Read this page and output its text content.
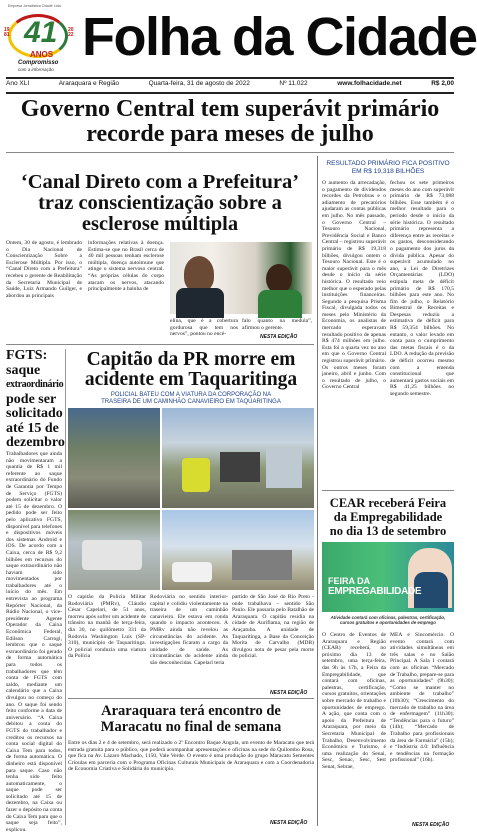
Empresa Jornalística Cidade Ltda.
1981
2022
41
ANOS
Compromisso
com a informação
Folha da Cidade
Ano XLI	Araraquara e Região	Quarta-feira, 31 de agosto de 2022	Nº 11.022	www.folhacidade.net	R$ 2,00
Governo Central tem superávit primário
recorde para meses de julho
‘Canal Direto com a Prefeitura’
traz conscientização sobre a
esclerose múltipla
Ontem, 30 de agosto, é lembrado o Dia Nacional de Conscientização Sobre a Esclerose Múltipla. Por isso, o “Canal Direto com a Prefeitura” recebeu o gerente de Reabilitação da Secretaria Municipal de Saúde, Luiz Armando Guilger, e abordou as principais
informações relativas à doença. Estima-se que no Brasil cerca de 40 mil pessoas tenham esclerose múltipla, doença autoimune que atinge o sistema nervoso central. “As próprias células do corpo atacam os nervos, atacando principalmente a bainha de
elina, que é a cobertura gordurosa que tem nos nervos”, pontou no encé-
falo quanto na medula”, afirmou o gerente.
NESTA EDIÇÃO
FGTS:
saque
extraordinário
pode ser
solicitado
até 15 de
dezembro
Trabalhadores que ainda não movimentaram a quantia de R$ 1 mil referente ao saque extraordinário do Fundo de Garantia por Tempo de Serviço (FGTS) podem solicitar o valor até 15 de dezembro. O pedido pode ser feito pelo aplicativo FGTS, disponível para telefones e dispositivos móveis dos sistemas Android e iOS. De acordo com a Caixa, cerca de R$ 9,2 bilhões em recursos do saque extraordinário não haviam sido movimentados por trabalhadores até o início do mês. Em entrevista ao programa Repórter Nacional, da Rádio Nacional, o vice-presidente Agente Operador da Caixa Econômica Federal, Edilson Carrogi, lembrou que o saque extraordinário foi gerado de forma automática para todos os trabalhadores que têm conta de FGTS com saldo, mediante um calendário que a Caixa divulgou no começo do ano. O saque foi sendo feito conforme a data de aniversário. “A Caixa debitou a conta do FGTS do trabalhador e creditou os recursos na conta social digital do Caixa Tem para todos, de forma automática. O dinheiro está disponível para saque. Caso não tenha sido feito automaticamente, o saque pode ser solicitado até 15 de dezembro, na Caixa ou fazer o depósito na conta do Caixa Tem para que o saque seja feito”, explicou.
Capitão da PR morre em
acidente em Taquaritinga
POLICIAL BATEU COM A VIATURA DA CORPORAÇÃO NA
TRASEIRA DE UM CAMINHÃO CANAVIEIRO EM TAQUARITINGA
O capitão da Polícia Militar Rodoviária (PMRv), Cláudio César Capelari, de 51 anos, morreu após sofrer um acidente de trânsito na manhã de terça-feira, dia 30, no quilômetro 331 da Rodovia Washington Luís (SP-310), município de Taquaritinga. O policial conduzia uma viatura da Polícia
Rodoviária no sentido interior-capital e colidiu violentamente na traseira de um caminhão canavieiro. Ele estava em ronda quando o impacto aconteceu. A PMRv ainda não revelou as circunstâncias do acidente. As investigações ficaram a cargo da unidade de saúde. As circunstâncias do acidente ainda são desconhecidas. Capelari teria
partido de São José do Rio Preto - onde trabalhava – sentido São Paulo. Ele passaria pelo Batalhão de Araraquara. O capitão residia na cidade de Auriflama, na região de Araçatuba. A unidade de Taquaritinga, a Base da Conceição Morita de Carvalho (MDB) divulgou nota de pesar pela morte do policial.
NESTA EDIÇÃO
Araraquara terá encontro de
Maracatu no final de semana
Entre os dias 2 e 4 de setembro, será realizado o 2º Encontro Baque Angola, um evento de Maracatu que terá entrada gratuita para o público, que poderá acompanhar apresentações e oficinas na sede do Quilombo Rosa, que fica na Av. Lázaro Machado, 1150, Vale Verde. O evento é uma produção do grupo Maracatu Sementes Crioulas em parceria com o Programa Oficinas Culturais Municipais de Araraquara e com a Coordenadoria de Economia Criativa e Solidária do município.
NESTA EDIÇÃO
RESULTADO PRIMÁRIO FICA POSITIVO
EM R$ 19,318 BILHÕES
O aumento da arrecadação, o pagamento de dividendos recordes da Petrobras e o adiamento de precatórios ajudaram as contas públicas em julho. No mês passado, o Governo Central – Tesouro Nacional, Previdência Social e Banco Central – registrou superávit primário de R$ 19,318 bilhões, divulgou ontem o Tesouro Nacional. Este é o maior superávit para o mês desde o início da série histórica. O resultado veio melhor que o esperado pelas instituições financeiras. Segundo a pesquisa Prisma Fiscal, divulgada todos os meses pelo Ministério da Economia, os analistas de mercado esperavam resultado positivo de apenas R$ 474 milhões em julho. Esta foi a quarta vez no ano em que o Governo Central registrou superávit primário. Os outros meses foram janeiro, abril e junho. Com o resultado de julho, o Governo Central
fechou os sete primeiros meses do ano com superávit primário de R$ 73,088 bilhões. Esse também é o melhor resultado para o período desde o início da série histórica. O resultado primário representa a diferença entre as receitas e os gastos, desconsiderando o pagamento dos juros da dívida pública. Apesar do superávit acumulado no ano, a Lei de Diretrizes Orçamentárias (LDO) estipula meta de déficit primário de R$ 170,5 bilhões para este ano. No fim de julho, o Relatório Bimestral de Receitas e Despesas reduziu a estimativa de déficit para R$ 59,354 bilhões. No entanto, o valor levado em conta para o cumprimento das metas fiscais é o da LDO. A redução da previsão de déficit ocorreu mesmo com a emenda constitucional que aumentará gastos sociais em R$ 41,25 bilhões no segundo semestre.
CEAR receberá Feira
da Empregabilidade
no dia 13 de setembro
FEIRA DA
EMPREGABILIDADE
Atividade contará com oficinas, palestras, certificação,
cursos gratuitos e oportunidades de emprego
O Centro de Eventos de Araraquara e Região (CEAR) receberá, no próximo dia 13 de setembro, uma terça-feira, das 9h às 17h, a Feira da Empregabilidade, que contará com oficinas, palestras, certificação, cursos gratuitos, orientações sobre mercado de trabalho e oportunidades de emprego. A ação, que conta com o apoio da Prefeitura de Araraquara, por meio da Secretaria Municipal de Trabalho, Desenvolvimento Econômico e Turismo, é uma realização do Senai, Sesc, Senac, Sesc, Sest Senat, Sebrae,
MEA e Sincomércio. O evento contará com atividades simultâneas em três salas e no Salão Principal. A Sala 1 contará com as oficinas “Mercado de Trabalho, prepare-se para as oportunidades” (9h30); “Como se manter no ambiente de trabalho” (10h30); “Crescimento do mercado de trabalho na área de enfermagem” (11h30); “Tendências para o futuro” (14h); “Mercado de Trabalho para profissionais da área de Farmácia” (15h); e “Indústria 4.0: Influência e tendências na formação profissional” (16h).
NESTA EDIÇÃO
